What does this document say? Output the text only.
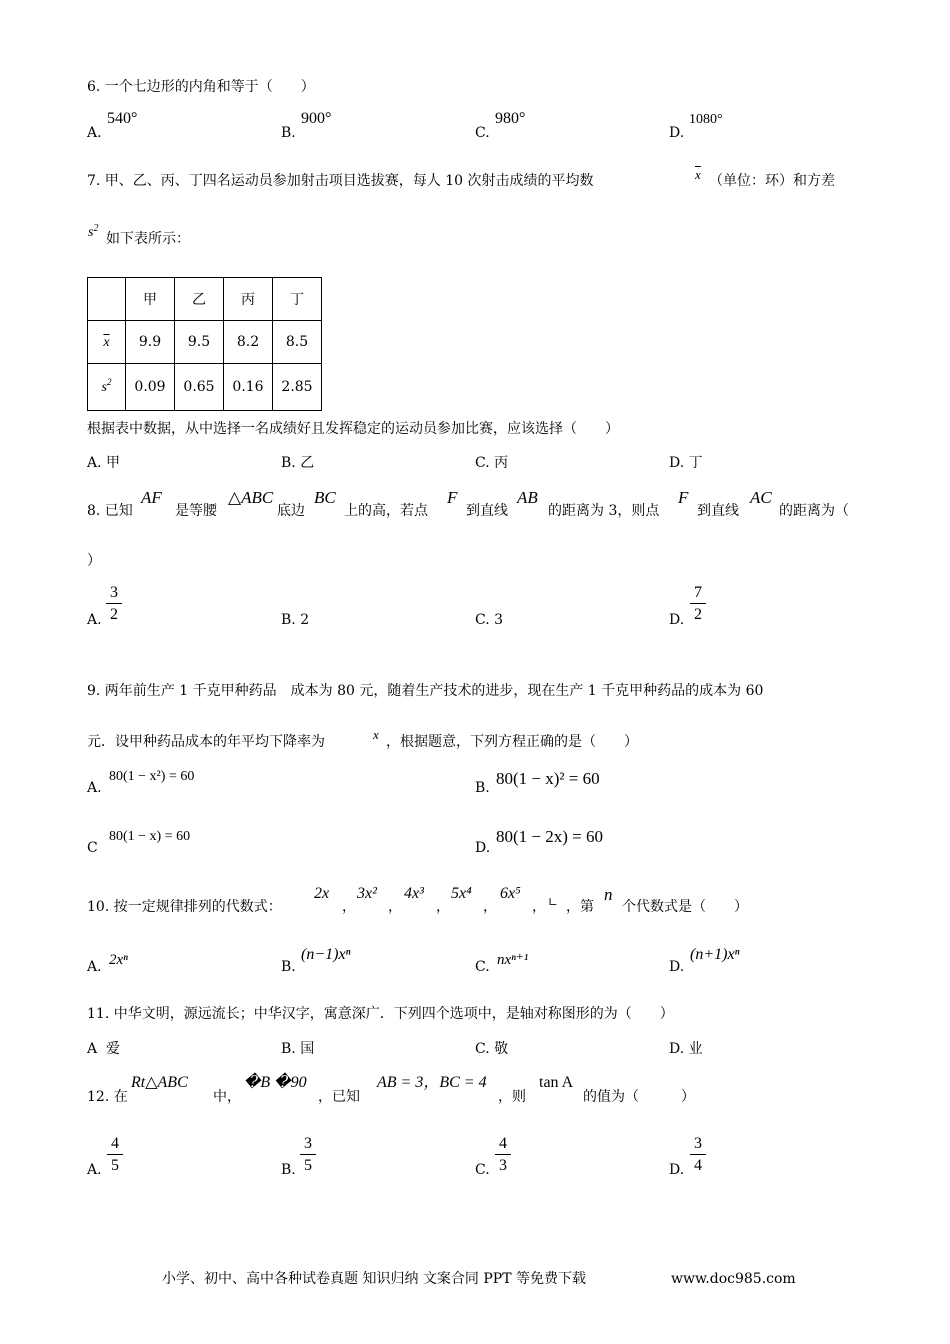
6. 一个七边形的内角和等于（　　）
A.
540°
B.
900°
C.
980°
D.
1080°
7. 甲、乙、丙、丁四名运动员参加射击项目选拔赛，每人 10 次射击成绩的平均数	$\overline{x}$ （单位：环）和方差
$s^2$
如下表所示：
	甲	乙	丙	丁
$\overline{x}$	9.9	9.5	8.2	8.5
$s^2$	0.09	0.65	0.16	2.85
根据表中数据，从中选择一名成绩好且发挥稳定的运动员参加比赛，应该选择（　　）
A. 甲	B. 乙	C. 丙	D. 丁
8. 已知
AF
是等腰
△ABC
底边
BC
上的高，若点
F
到直线
AB
的距离为 3，则点
F
到直线
AC
的距离为（
）
A.
3
2	B. 2	C. 3	D.
7
2
9. 两年前生产 1 千克甲种药品　成本为 80 元，随着生产技术的进步，现在生产 1 千克甲种药品的成本为 60
元．设甲种药品成本的年平均下降率为	x ，根据题意，下列方程正确的是（　　）
A.
80(1 − x²) = 60
B. 80(1 − x)² = 60
C
80(1 − x) = 60
D.
80(1 − 2x) = 60
10. 按一定规律排列的代数式：
2x
，
3x²
，
4x³
，
5x⁴
，
6x⁵
， ∟ ，第
n
个代数式是（　　）
A. 2xⁿ	B.
(n−1)xⁿ
C. nxⁿ⁺¹	D.
(n+1)xⁿ
11. 中华文明，源远流长；中华汉字，寓意深广．下列四个选项中，是轴对称图形的为（　　）
A 爱	B. 国	C. 敬	D. 业
12. 在
Rt△ABC
中，
�B �90
，已知
AB = 3，BC = 4
，则
tan A
的值为（　　　）
A.
4
5	B.
3
5	C.
4
3	D.
3
4
小学、初中、高中各种试卷真题 知识归纳 文案合同 PPT 等免费下载	www.doc985.com
